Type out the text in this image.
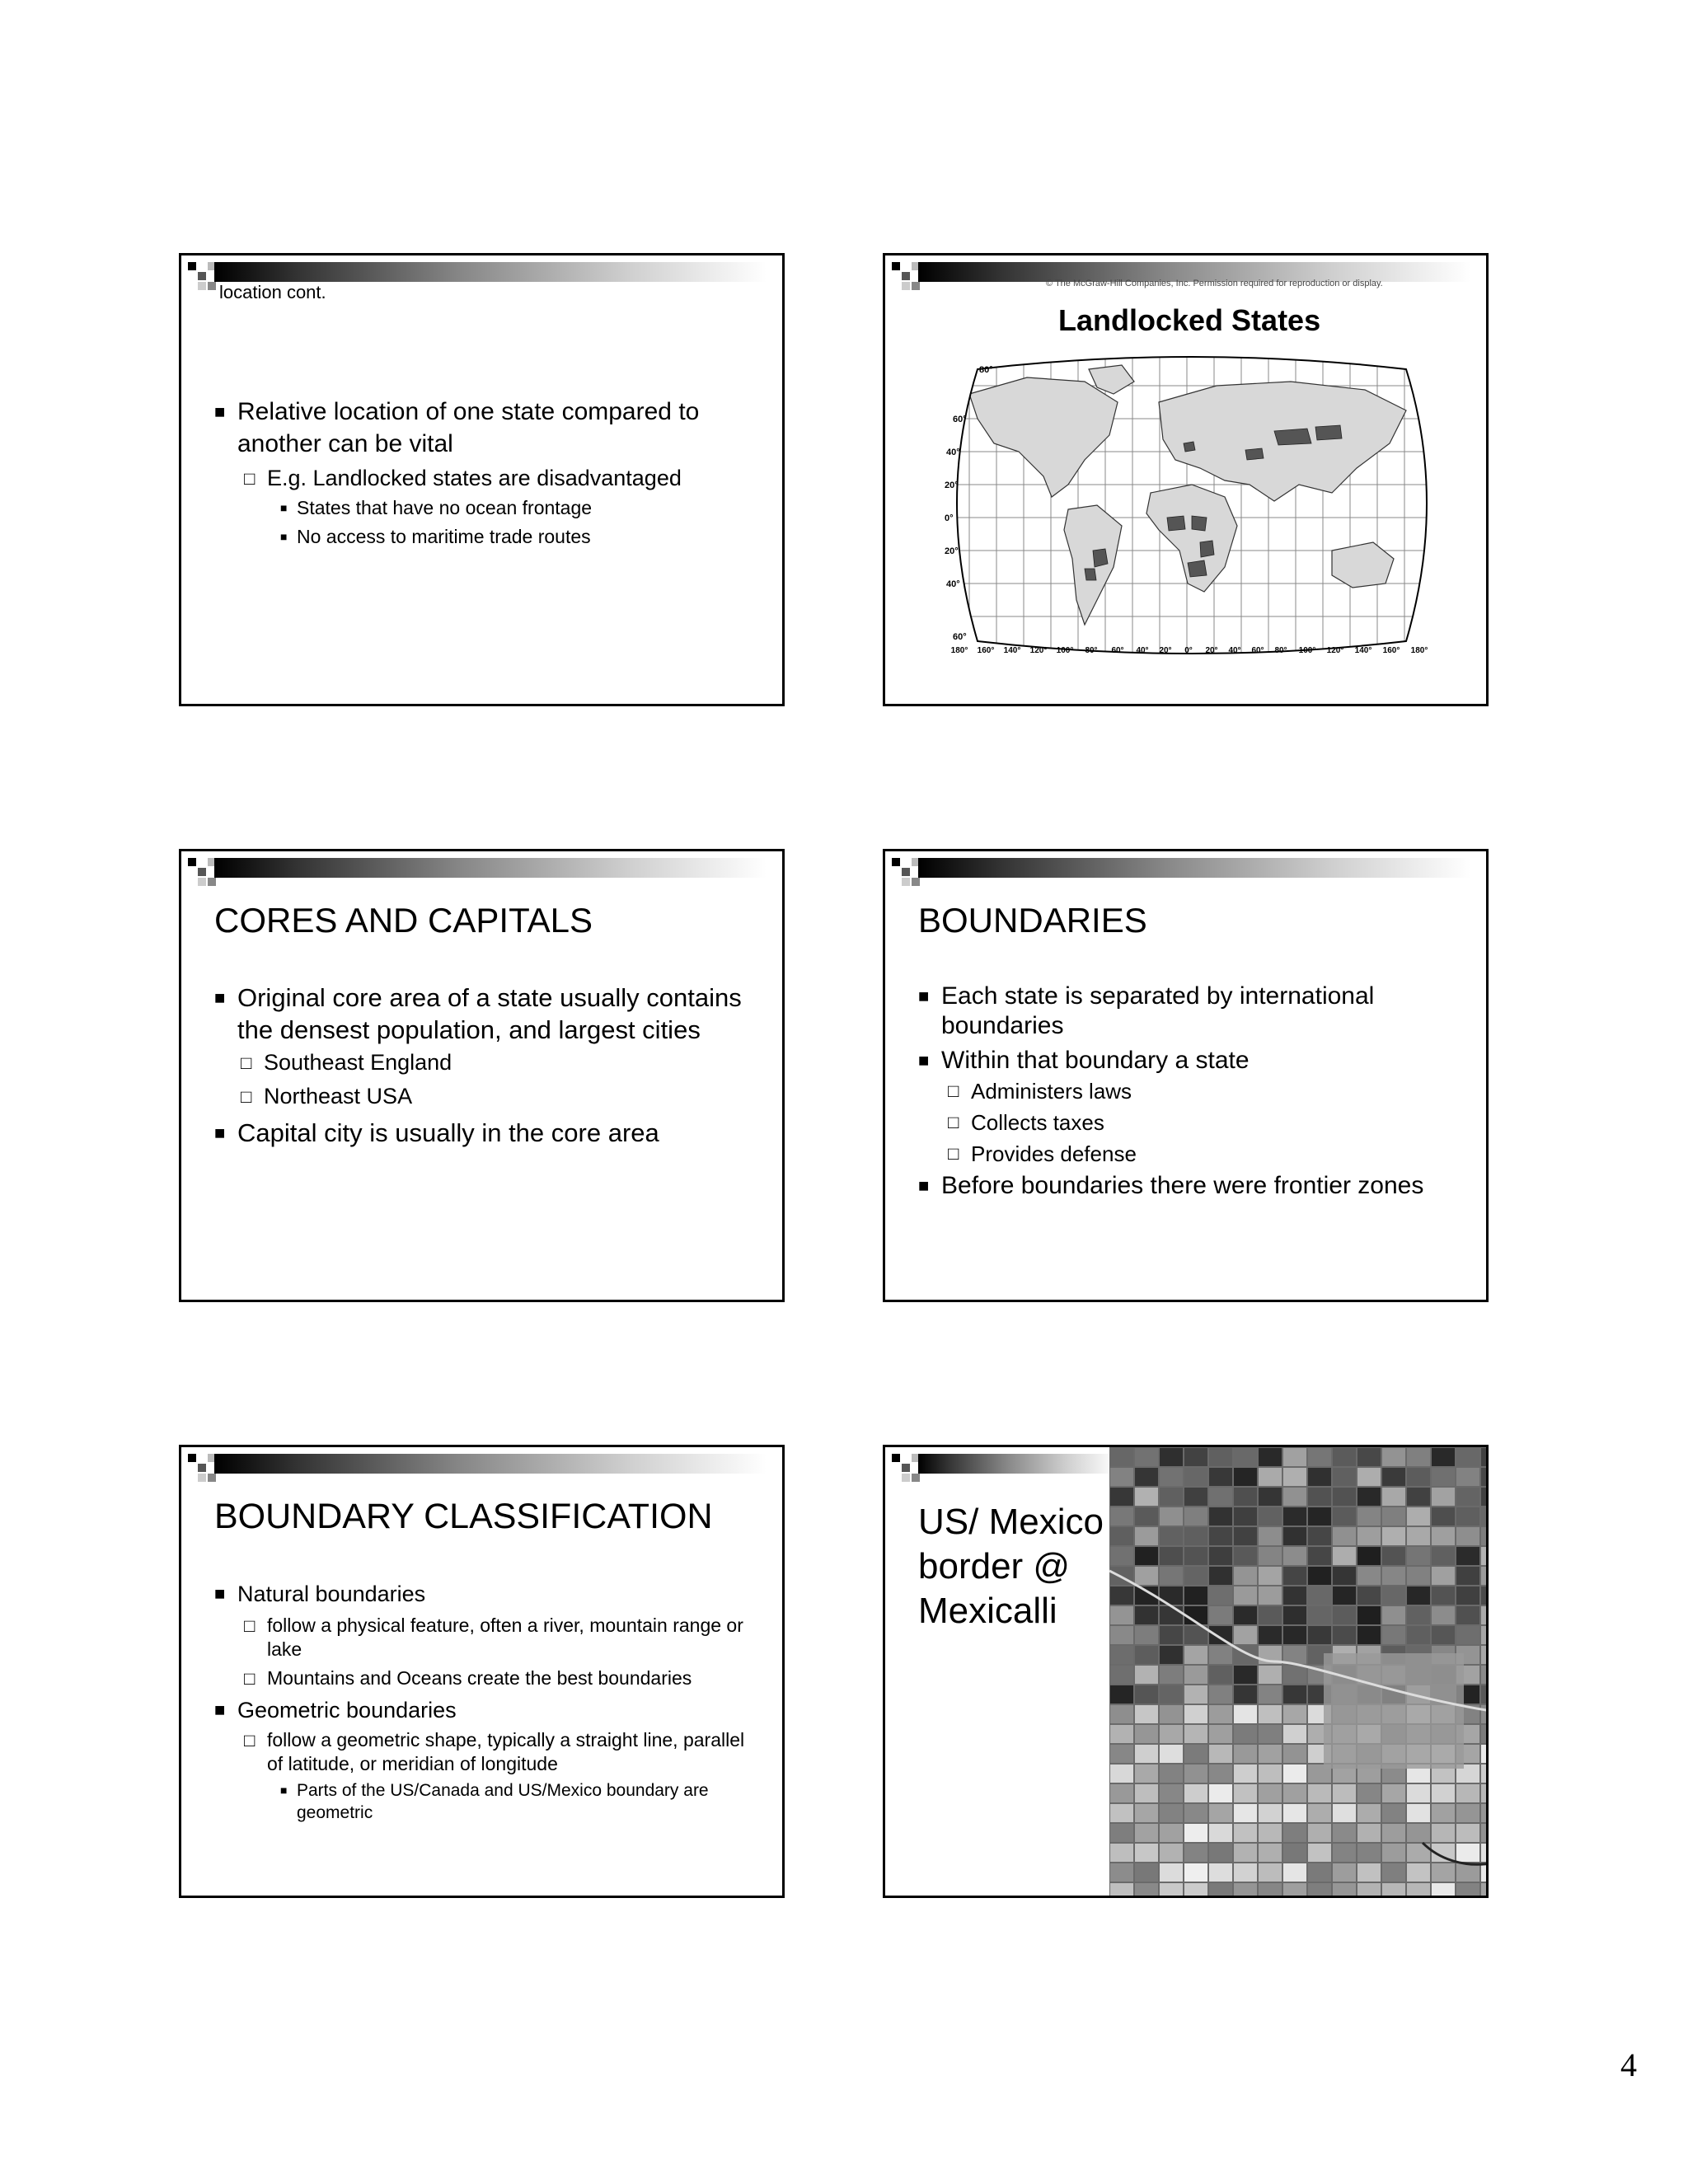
location cont.
■ Relative location of one state compared to another can be vital
□ E.g. Landlocked states are disadvantaged
■ States that have no ocean frontage
■ No access to maritime trade routes
© The McGraw-Hill Companies, Inc. Permission required for reproduction or display.
Landlocked States
80°
60°
40°
20°
0°
20°
40°
60°
180° 160° 140° 120° 100° 80° 60° 40° 20° 0° 20° 40° 60° 80° 100° 120° 140° 160° 180°
CORES AND CAPITALS
■ Original core area of a state usually contains the densest population, and largest cities
□ Southeast England
□ Northeast USA
■ Capital city is usually in the core area
BOUNDARIES
■ Each state is separated by international boundaries
■ Within that boundary a state
□ Administers laws
□ Collects taxes
□ Provides defense
■ Before boundaries there were frontier zones
BOUNDARY CLASSIFICATION
■ Natural boundaries
□ follow a physical feature, often a river, mountain range or lake
□ Mountains and Oceans create the best boundaries
■ Geometric boundaries
□ follow a geometric shape, typically a straight line, parallel of latitude, or meridian of longitude
■ Parts of the US/Canada and US/Mexico boundary are geometric
US/ Mexico border @ Mexicalli
4
